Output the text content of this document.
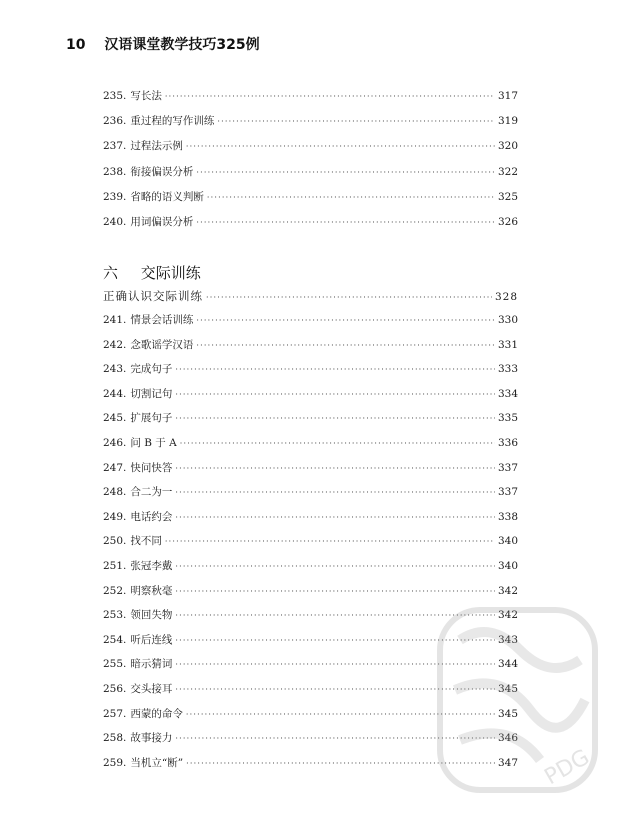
10 汉语课堂教学技巧325例
235. 写长法 ·····	317
236. 重过程的写作训练 ·····	319
237. 过程法示例 ·····	320
238. 衔接偏误分析 ·····	322
239. 省略的语义判断 ·····	325
240. 用词偏误分析 ·····	326
六 交际训练
正确认识交际训练 ·····	328
241. 情景会话训练 ·····	330
242. 念歌谣学汉语 ·····	331
243. 完成句子 ·····	333
244. 切割记句 ·····	334
245. 扩展句子 ·····	335
246. 问 B 于 A ·····	336
247. 快问快答 ·····	337
248. 合二为一 ·····	337
249. 电话约会 ·····	338
250. 找不同 ·····	340
251. 张冠李戴 ·····	340
252. 明察秋毫 ·····	342
253. 领回失物 ·····	342
254. 听后连线 ·····	343
255. 暗示猜词 ·····	344
256. 交头接耳 ·····	345
257. 西蒙的命令 ·····	345
258. 故事接力 ·····	346
259. 当机立“断” ·····	347 PDG
